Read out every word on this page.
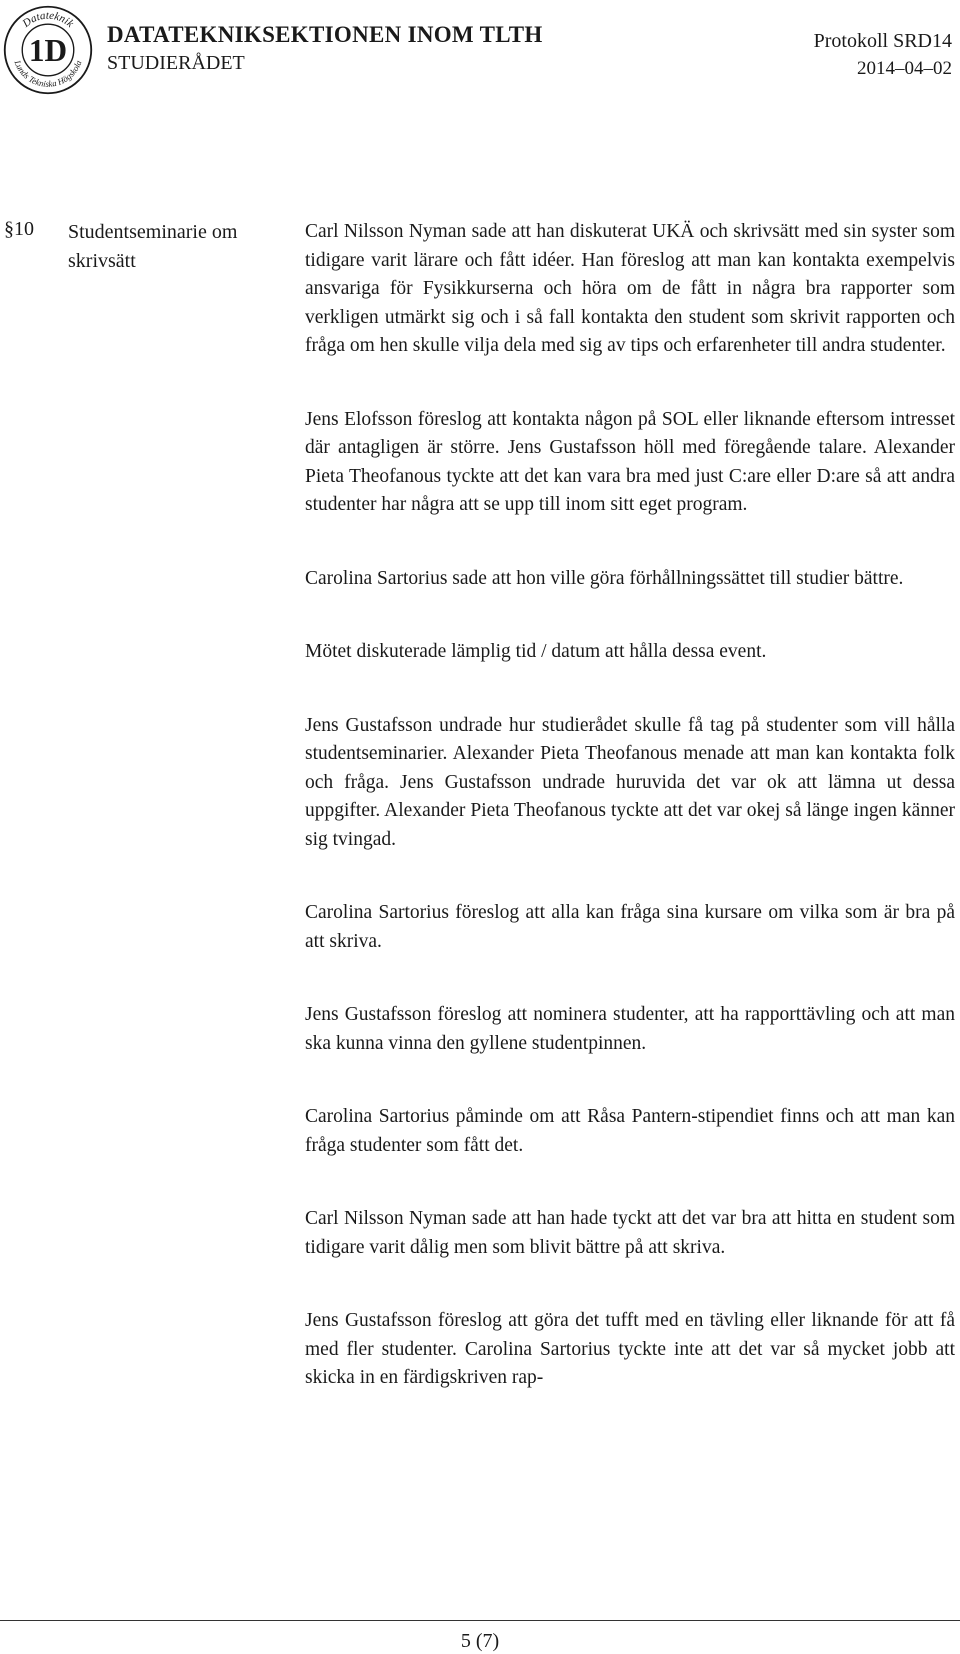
Datateknik
Lunds Tekniska Högskola
1D DATATEKNIKSEKTIONEN INOM TLTH
STUDIERÅDET
Protokoll SRD14
2014–04–02
§10 Studentseminarie om skrivsätt

Carl Nilsson Nyman sade att han diskuterat UKÄ och skrivsätt med sin syster som tidigare varit lärare och fått idéer. Han föreslog att man kan kontakta exempelvis ansvariga för Fysikkurserna och höra om de fått in några bra rapporter som verkligen utmärkt sig och i så fall kontakta den student som skrivit rapporten och fråga om hen skulle vilja dela med sig av tips och erfarenheter till andra studenter.

Jens Elofsson föreslog att kontakta någon på SOL eller liknande eftersom intresset där antagligen är större. Jens Gustafsson höll med föregående talare. Alexander Pieta Theofanous tyckte att det kan vara bra med just C:are eller D:are så att andra studenter har några att se upp till inom sitt eget program.

Carolina Sartorius sade att hon ville göra förhållningssättet till studier bättre.

Mötet diskuterade lämplig tid / datum att hålla dessa event.

Jens Gustafsson undrade hur studierådet skulle få tag på studenter som vill hålla studentseminarier. Alexander Pieta Theofanous menade att man kan kontakta folk och fråga. Jens Gustafsson undrade huruvida det var ok att lämna ut dessa uppgifter. Alexander Pieta Theofanous tyckte att det var okej så länge ingen känner sig tvingad.

Carolina Sartorius föreslog att alla kan fråga sina kursare om vilka som är bra på att skriva.

Jens Gustafsson föreslog att nominera studenter, att ha rapporttävling och att man ska kunna vinna den gyllene studentpinnen.

Carolina Sartorius påminde om att Råsa Pantern-stipendiet finns och att man kan fråga studenter som fått det.

Carl Nilsson Nyman sade att han hade tyckt att det var bra att hitta en student som tidigare varit dålig men som blivit bättre på att skriva.

Jens Gustafsson föreslog att göra det tufft med en tävling eller liknande för att få med fler studenter. Carolina Sartorius tyckte inte att det var så mycket jobb att skicka in en färdigskriven rap-

5 (7)
